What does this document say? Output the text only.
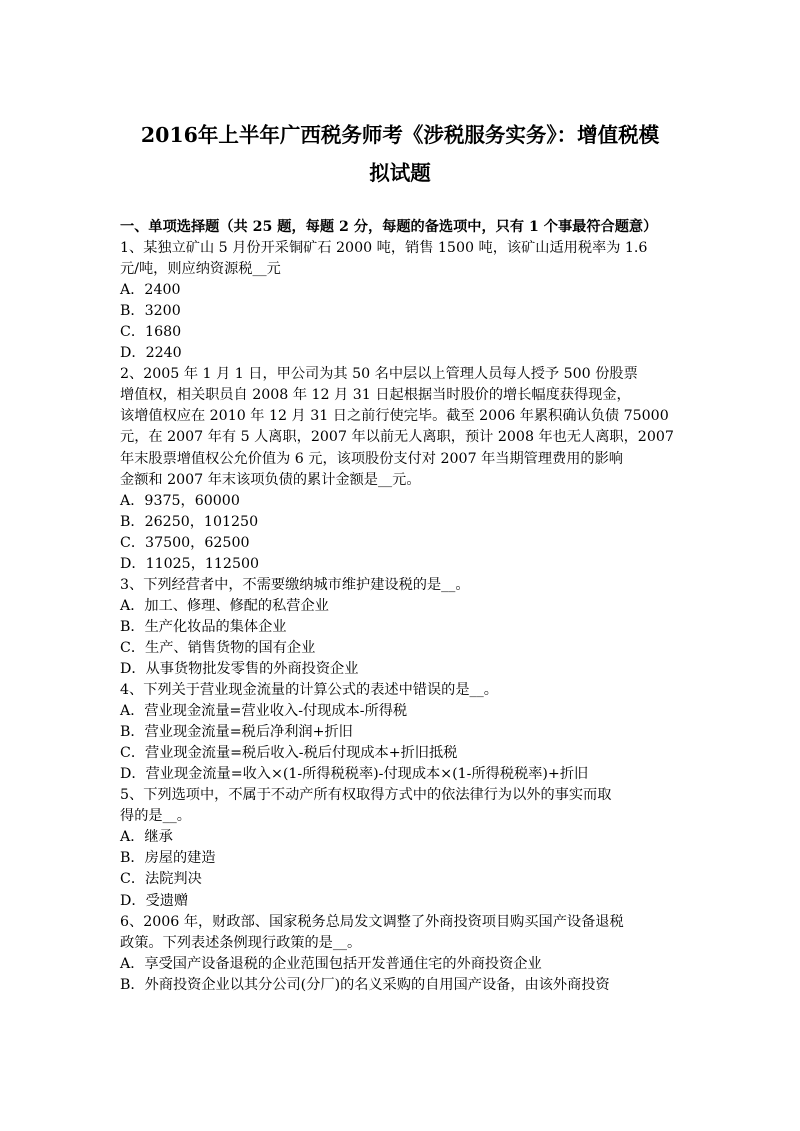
2016年上半年广西税务师考《涉税服务实务》：增值税模
拟试题
一、单项选择题（共 25 题，每题 2 分，每题的备选项中，只有 1 个事最符合题意）
1、某独立矿山 5 月份开采铜矿石 2000 吨，销售 1500 吨，该矿山适用税率为 1.6
元/吨，则应纳资源税__元
A．2400
B．3200
C．1680
D．2240
2、2005 年 1 月 1 日，甲公司为其 50 名中层以上管理人员每人授予 500 份股票
增值权，相关职员自 2008 年 12 月 31 日起根据当时股价的增长幅度获得现金，
该增值权应在 2010 年 12 月 31 日之前行使完毕。截至 2006 年累积确认负债 75000
元，在 2007 年有 5 人离职，2007 年以前无人离职，预计 2008 年也无人离职，2007
年末股票增值权公允价值为 6 元，该项股份支付对 2007 年当期管理费用的影响
金额和 2007 年末该项负债的累计金额是__元。
A．9375，60000
B．26250，101250
C．37500，62500
D．11025，112500
3、下列经营者中，不需要缴纳城市维护建设税的是__。
A．加工、修理、修配的私营企业
B．生产化妆品的集体企业
C．生产、销售货物的国有企业
D．从事货物批发零售的外商投资企业
4、下列关于营业现金流量的计算公式的表述中错误的是__。
A．营业现金流量=营业收入-付现成本-所得税
B．营业现金流量=税后净利润+折旧
C．营业现金流量=税后收入-税后付现成本+折旧抵税
D．营业现金流量=收入×(1-所得税税率)-付现成本×(1-所得税税率)+折旧
5、下列选项中，不属于不动产所有权取得方式中的依法律行为以外的事实而取
得的是__。
A．继承
B．房屋的建造
C．法院判决
D．受遗赠
6、2006 年，财政部、国家税务总局发文调整了外商投资项目购买国产设备退税
政策。下列表述条例现行政策的是__。
A．享受国产设备退税的企业范围包括开发普通住宅的外商投资企业
B．外商投资企业以其分公司(分厂)的名义采购的自用国产设备，由该外商投资
